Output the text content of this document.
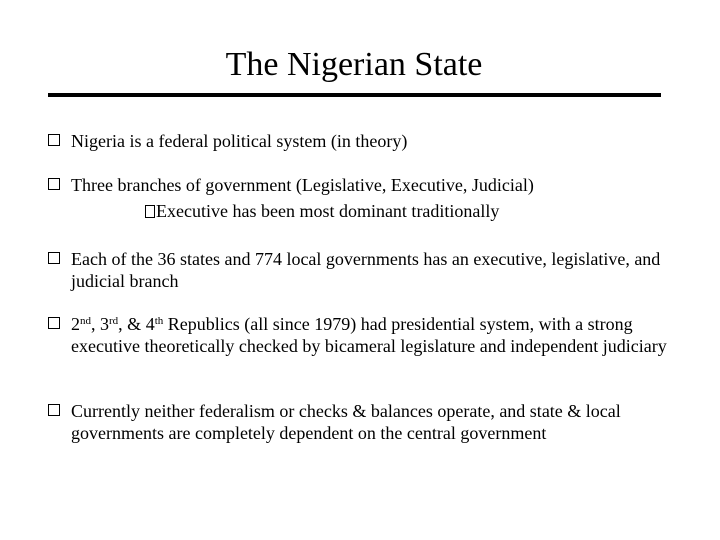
The Nigerian State
Nigeria is a federal political system (in theory)
Three branches of government (Legislative, Executive, Judicial)
Executive has been most dominant traditionally
Each of the 36 states and 774 local governments has an executive, legislative, and judicial branch
2nd, 3rd, & 4th Republics (all since 1979) had presidential system, with a strong executive theoretically checked by bicameral legislature and independent judiciary
Currently neither federalism or checks & balances operate, and state & local governments are completely dependent on the central government
